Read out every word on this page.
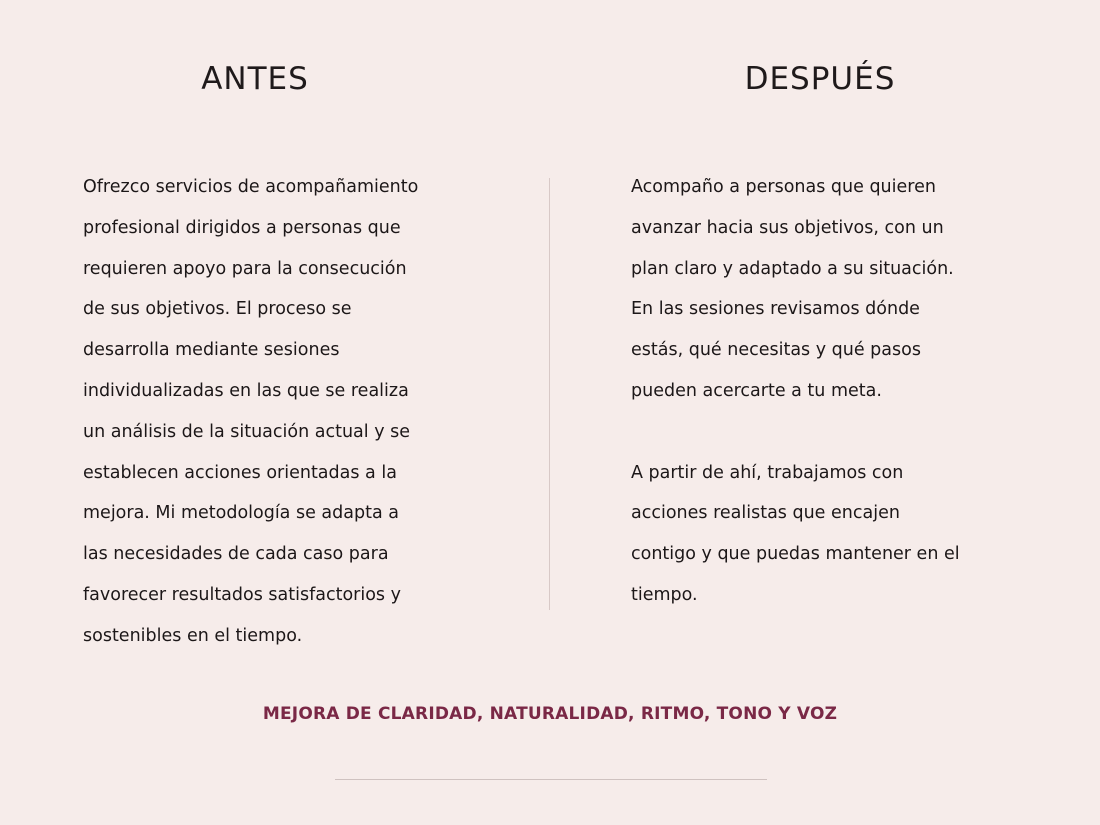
ANTES	DESPUÉS
Ofrezco servicios de acompañamiento
profesional dirigidos a personas que
requieren apoyo para la consecución
de sus objetivos. El proceso se
desarrolla mediante sesiones
individualizadas en las que se realiza
un análisis de la situación actual y se
establecen acciones orientadas a la
mejora. Mi metodología se adapta a
las necesidades de cada caso para
favorecer resultados satisfactorios y
sostenibles en el tiempo.
Acompaño a personas que quieren
avanzar hacia sus objetivos, con un
plan claro y adaptado a su situación.
En las sesiones revisamos dónde
estás, qué necesitas y qué pasos
pueden acercarte a tu meta.
A partir de ahí, trabajamos con
acciones realistas que encajen
contigo y que puedas mantener en el
tiempo.
MEJORA DE CLARIDAD, NATURALIDAD, RITMO, TONO Y VOZ
